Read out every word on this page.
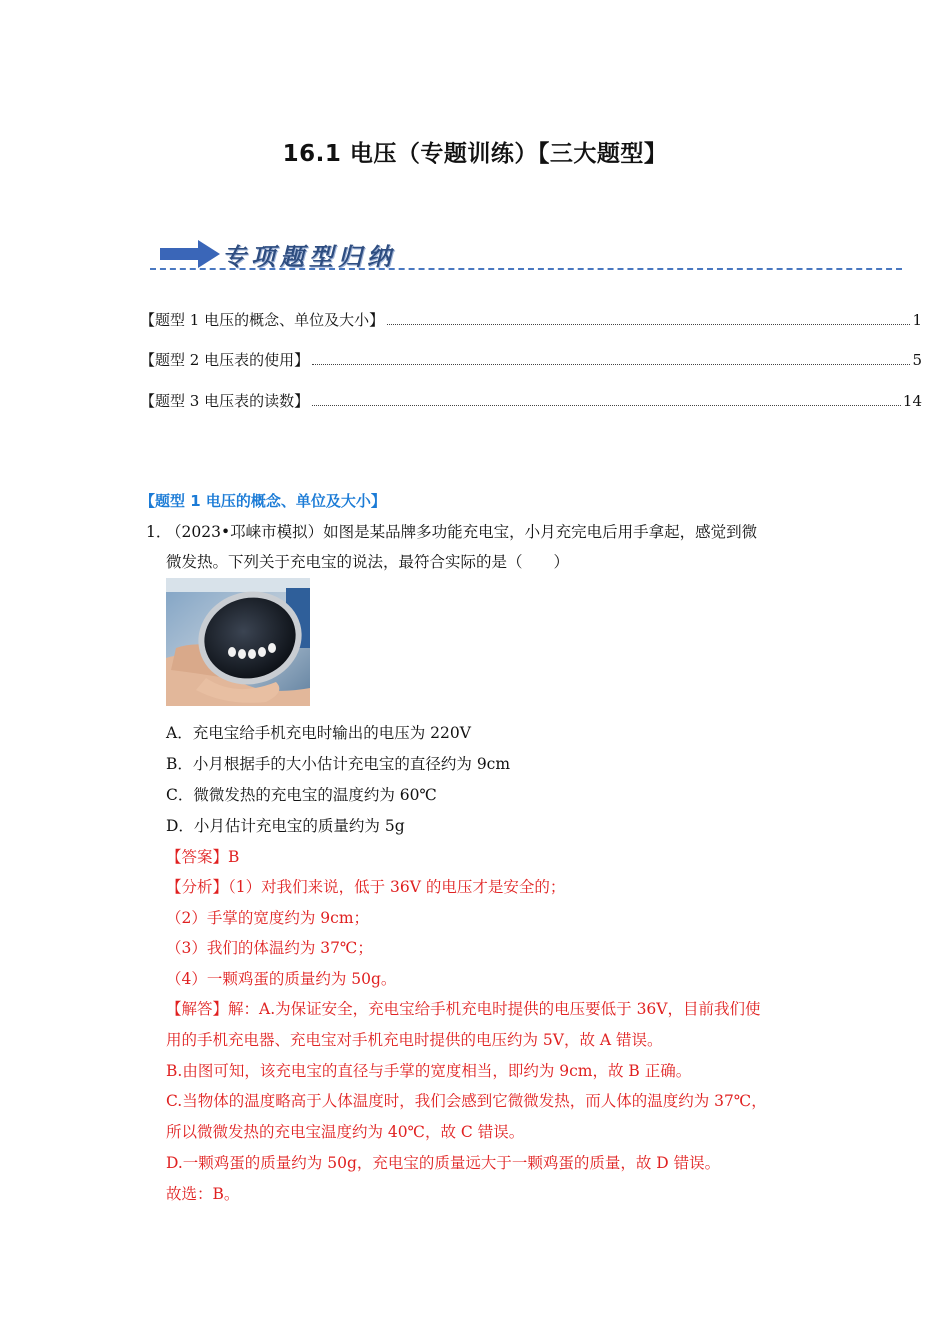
16.1 电压（专题训练）【三大题型】
专项题型归纳
【题型 1 电压的概念、单位及大小】	1
【题型 2 电压表的使用】	5
【题型 3 电压表的读数】	14
【题型 1 电压的概念、单位及大小】
1．
（2023•邛崃市模拟）如图是某品牌多功能充电宝，小月充完电后用手拿起，感觉到微
微发热。下列关于充电宝的说法，最符合实际的是（　　）
A．充电宝给手机充电时输出的电压为 220V
B．小月根据手的大小估计充电宝的直径约为 9cm
C．微微发热的充电宝的温度约为 60℃
D．小月估计充电宝的质量约为 5g
【答案】B
【分析】（1）对我们来说，低于 36V 的电压才是安全的；
（2）手掌的宽度约为 9cm；
（3）我们的体温约为 37℃；
（4）一颗鸡蛋的质量约为 50g。
【解答】解：A.为保证安全，充电宝给手机充电时提供的电压要低于 36V，目前我们使
用的手机充电器、充电宝对手机充电时提供的电压约为 5V，故 A 错误。
B.由图可知，该充电宝的直径与手掌的宽度相当，即约为 9cm，故 B 正确。
C.当物体的温度略高于人体温度时，我们会感到它微微发热，而人体的温度约为 37℃，
所以微微发热的充电宝温度约为 40℃，故 C 错误。
D.一颗鸡蛋的质量约为 50g，充电宝的质量远大于一颗鸡蛋的质量，故 D 错误。
故选：B。
